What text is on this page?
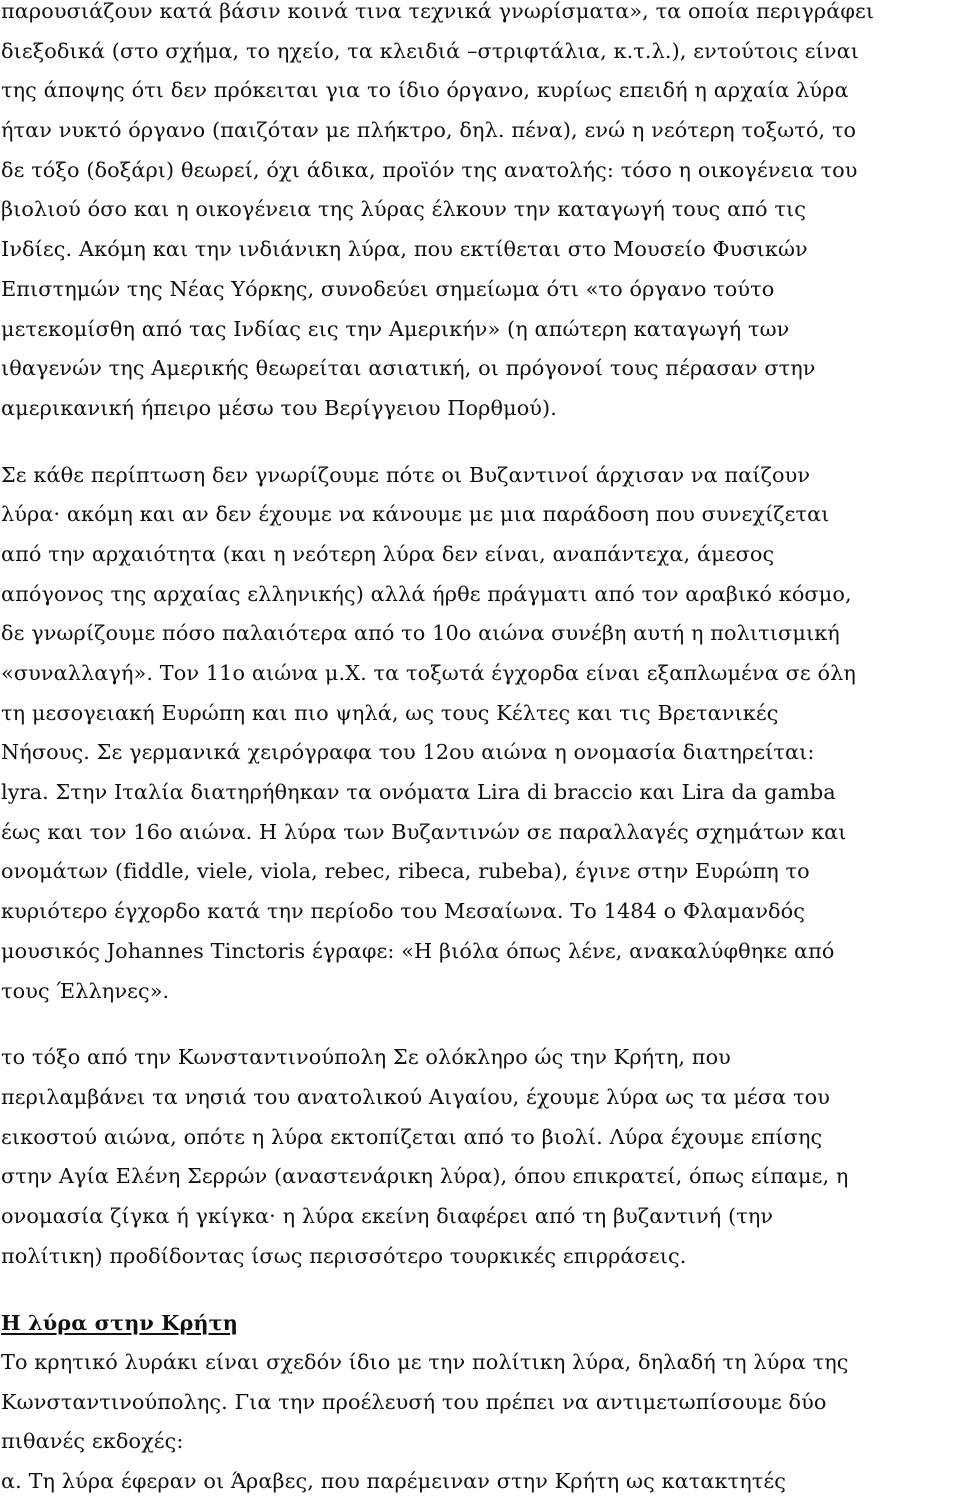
παρουσιάζουν κατά βάσιν κοινά τινα τεχνικά γνωρίσματα», τα οποία περιγράφει
διεξοδικά (στο σχήμα, το ηχείο, τα κλειδιά –στριφτάλια, κ.τ.λ.), εντούτοις είναι
της άποψης ότι δεν πρόκειται για το ίδιο όργανο, κυρίως επειδή η αρχαία λύρα
ήταν νυκτό όργανο (παιζόταν με πλήκτρο, δηλ. πένα), ενώ η νεότερη τοξωτό, το
δε τόξο (δοξάρι) θεωρεί, όχι άδικα, προϊόν της ανατολής: τόσο η οικογένεια του
βιολιού όσο και η οικογένεια της λύρας έλκουν την καταγωγή τους από τις
Ινδίες. Ακόμη και την ινδιάνικη λύρα, που εκτίθεται στο Μουσείο Φυσικών
Επιστημών της Νέας Υόρκης, συνοδεύει σημείωμα ότι «το όργανο τούτο
μετεκομίσθη από τας Ινδίας εις την Αμερικήν» (η απώτερη καταγωγή των
ιθαγενών της Αμερικής θεωρείται ασιατική, οι πρόγονοί τους πέρασαν στην
αμερικανική ήπειρο μέσω του Βερίγγειου Πορθμού).
Σε κάθε περίπτωση δεν γνωρίζουμε πότε οι Βυζαντινοί άρχισαν να παίζουν
λύρα· ακόμη και αν δεν έχουμε να κάνουμε με μια παράδοση που συνεχίζεται
από την αρχαιότητα (και η νεότερη λύρα δεν είναι, αναπάντεχα, άμεσος
απόγονος της αρχαίας ελληνικής) αλλά ήρθε πράγματι από τον αραβικό κόσμο,
δε γνωρίζουμε πόσο παλαιότερα από το 10ο αιώνα συνέβη αυτή η πολιτισμική
«συναλλαγή». Τον 11ο αιώνα μ.Χ. τα τοξωτά έγχορδα είναι εξαπλωμένα σε όλη
τη μεσογειακή Ευρώπη και πιο ψηλά, ως τους Κέλτες και τις Βρετανικές
Νήσους. Σε γερμανικά χειρόγραφα του 12ου αιώνα η ονομασία διατηρείται:
lyra. Στην Ιταλία διατηρήθηκαν τα ονόματα Lira di braccio και Lira da gamba
έως και τον 16ο αιώνα. Η λύρα των Βυζαντινών σε παραλλαγές σχημάτων και
ονομάτων (fiddle, viele, viola, rebec, ribeca, rubeba), έγινε στην Ευρώπη το
κυριότερο έγχορδο κατά την περίοδο του Μεσαίωνα. Το 1484 ο Φλαμανδός
μουσικός Johannes Tinctoris έγραφε: «Η βιόλα όπως λένε, ανακαλύφθηκε από
τους Έλληνες».
το τόξο από την Κωνσταντινούπολη Σε ολόκληρο ώς την Κρήτη, που
περιλαμβάνει τα νησιά του ανατολικού Αιγαίου, έχουμε λύρα ως τα μέσα του
εικοστού αιώνα, οπότε η λύρα εκτοπίζεται από το βιολί. Λύρα έχουμε επίσης
στην Αγία Ελένη Σερρών (αναστενάρικη λύρα), όπου επικρατεί, όπως είπαμε, η
ονομασία ζίγκα ή γκίγκα· η λύρα εκείνη διαφέρει από τη βυζαντινή (την
πολίτικη) προδίδοντας ίσως περισσότερο τουρκικές επιρράσεις.
Η λύρα στην Κρήτη
Το κρητικό λυράκι είναι σχεδόν ίδιο με την πολίτικη λύρα, δηλαδή τη λύρα της
Κωνσταντινούπολης. Για την προέλευσή του πρέπει να αντιμετωπίσουμε δύο
πιθανές εκδοχές:
α. Τη λύρα έφεραν οι Άραβες, που παρέμειναν στην Κρήτη ως κατακτητές
